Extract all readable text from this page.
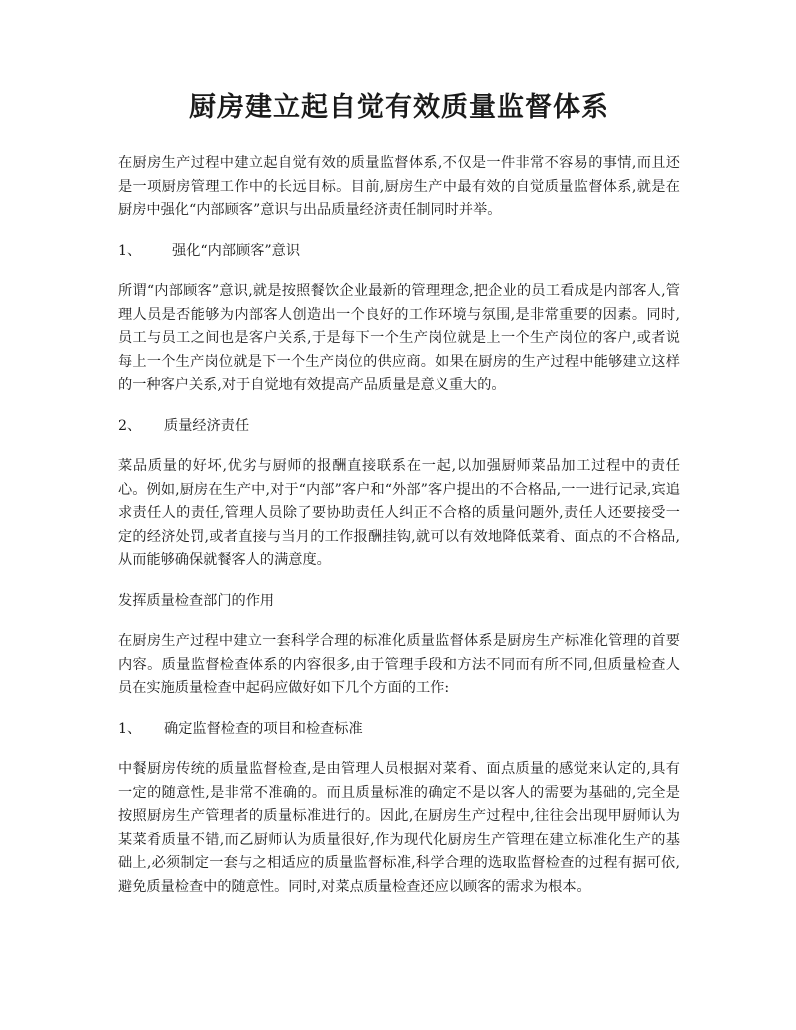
厨房建立起自觉有效质量监督体系

在厨房生产过程中建立起自觉有效的质量监督体系,不仅是一件非常不容易的事情,而且还是一项厨房管理工作中的长远目标。目前,厨房生产中最有效的自觉质量监督体系,就是在厨房中强化“内部顾客”意识与出品质量经济责任制同时并举。

1、	强化“内部顾客”意识

所谓“内部顾客”意识,就是按照餐饮企业最新的管理理念,把企业的员工看成是内部客人,管理人员是否能够为内部客人创造出一个良好的工作环境与氛围,是非常重要的因素。同时,员工与员工之间也是客户关系,于是每下一个生产岗位就是上一个生产岗位的客户,或者说每上一个生产岗位就是下一个生产岗位的供应商。如果在厨房的生产过程中能够建立这样的一种客户关系,对于自觉地有效提高产品质量是意义重大的。

2、	质量经济责任

菜品质量的好坏,优劣与厨师的报酬直接联系在一起,以加强厨师菜品加工过程中的责任心。例如,厨房在生产中,对于“内部”客户和“外部”客户提出的不合格品,一一进行记录,宾追求责任人的责任,管理人员除了要协助责任人纠正不合格的质量问题外,责任人还要接受一定的经济处罚,或者直接与当月的工作报酬挂钩,就可以有效地降低菜肴、面点的不合格品,从而能够确保就餐客人的满意度。

发挥质量检查部门的作用

在厨房生产过程中建立一套科学合理的标准化质量监督体系是厨房生产标准化管理的首要内容。质量监督检查体系的内容很多,由于管理手段和方法不同而有所不同,但质量检查人员在实施质量检查中起码应做好如下几个方面的工作:

1、	确定监督检查的项目和检查标准

中餐厨房传统的质量监督检查,是由管理人员根据对菜肴、面点质量的感觉来认定的,具有一定的随意性,是非常不准确的。而且质量标准的确定不是以客人的需要为基础的,完全是按照厨房生产管理者的质量标准进行的。因此,在厨房生产过程中,往往会出现甲厨师认为某菜肴质量不错,而乙厨师认为质量很好,作为现代化厨房生产管理在建立标准化生产的基础上,必须制定一套与之相适应的质量监督标准,科学合理的选取监督检查的过程有据可依,避免质量检查中的随意性。同时,对菜点质量检查还应以顾客的需求为根本。
